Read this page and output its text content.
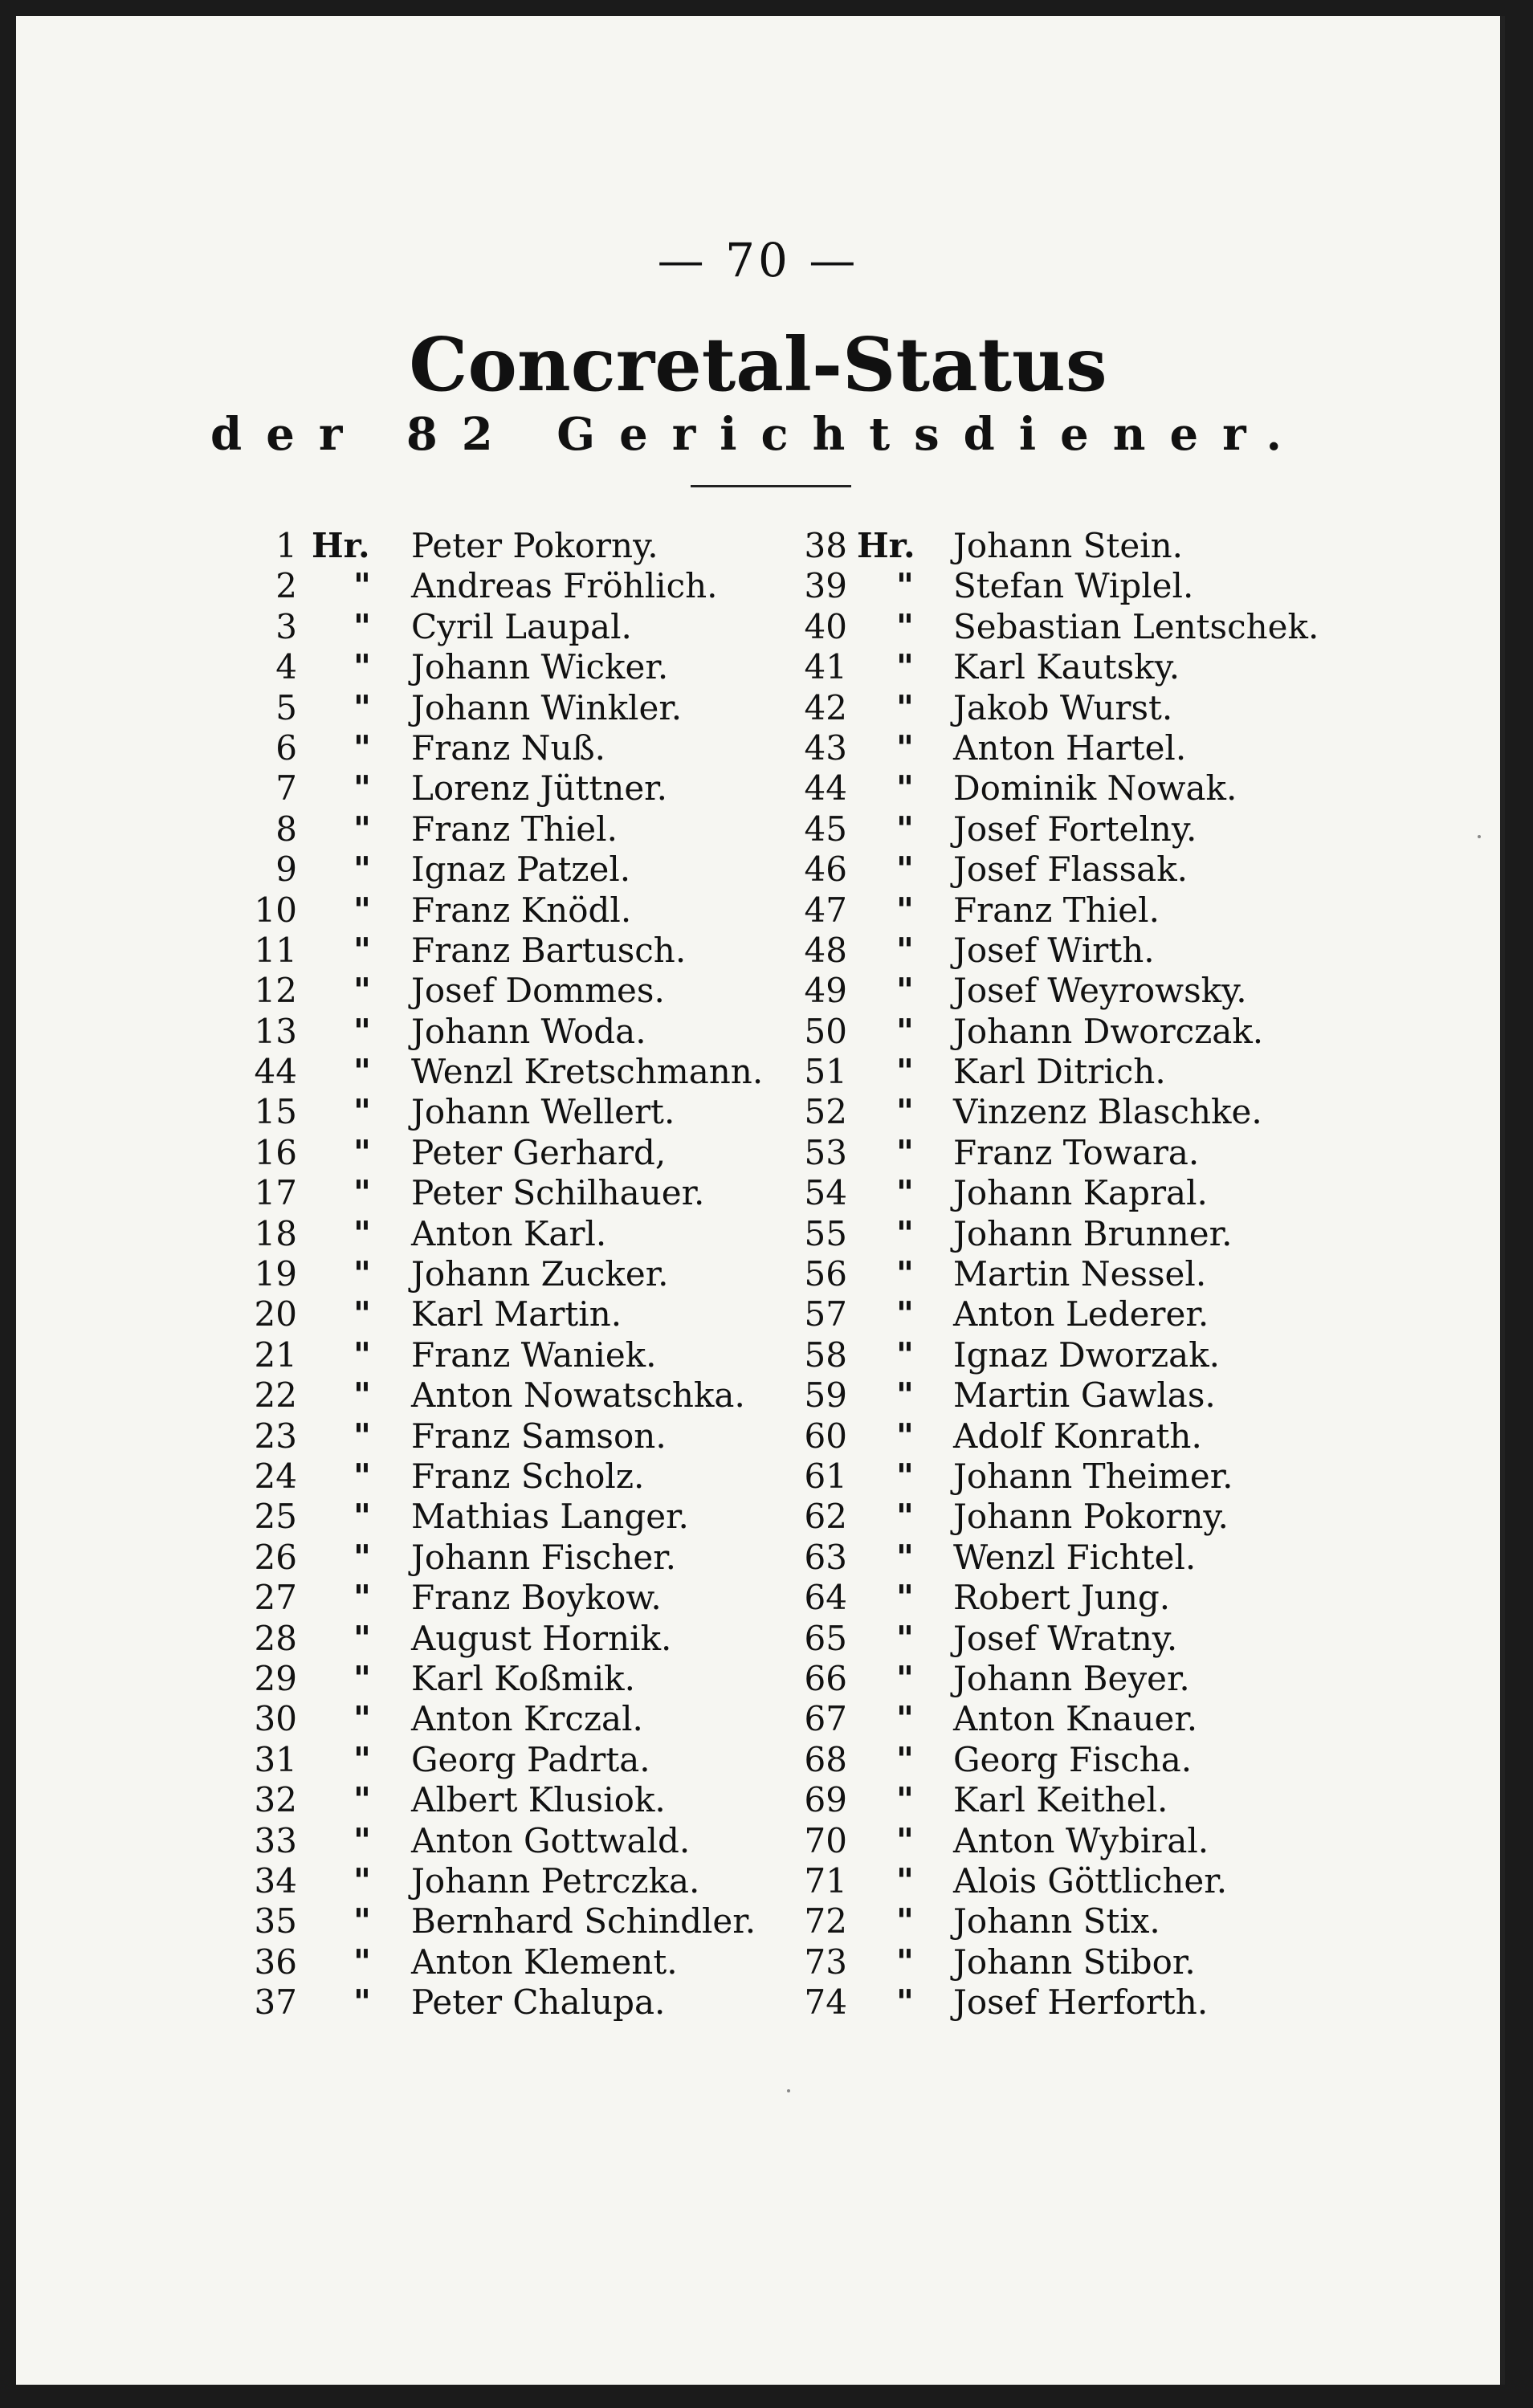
— 70 —
Concretal-Status
der 82 Gerichtsdiener.
1 Hr. Peter Pokorny.
2 " Andreas Fröhlich.
3 " Cyril Laupal.
4 " Johann Wicker.
5 " Johann Winkler.
6 " Franz Nuß.
7 " Lorenz Jüttner.
8 " Franz Thiel.
9 " Ignaz Patzel.
10 " Franz Knödl.
11 " Franz Bartusch.
12 " Josef Dommes.
13 " Johann Woda.
44 " Wenzl Kretschmann.
15 " Johann Wellert.
16 " Peter Gerhard,
17 " Peter Schilhauer.
18 " Anton Karl.
19 " Johann Zucker.
20 " Karl Martin.
21 " Franz Waniek.
22 " Anton Nowatschka.
23 " Franz Samson.
24 " Franz Scholz.
25 " Mathias Langer.
26 " Johann Fischer.
27 " Franz Boykow.
28 " August Hornik.
29 " Karl Koßmik.
30 " Anton Krczal.
31 " Georg Padrta.
32 " Albert Klusiok.
33 " Anton Gottwald.
34 " Johann Petrczka.
35 " Bernhard Schindler.
36 " Anton Klement.
37 " Peter Chalupa.
38 Hr. Johann Stein.
39 " Stefan Wiplel.
40 " Sebastian Lentschek.
41 " Karl Kautsky.
42 " Jakob Wurst.
43 " Anton Hartel.
44 " Dominik Nowak.
45 " Josef Fortelny.
46 " Josef Flassak.
47 " Franz Thiel.
48 " Josef Wirth.
49 " Josef Weyrowsky.
50 " Johann Dworczak.
51 " Karl Ditrich.
52 " Vinzenz Blaschke.
53 " Franz Towara.
54 " Johann Kapral.
55 " Johann Brunner.
56 " Martin Nessel.
57 " Anton Lederer.
58 " Ignaz Dworzak.
59 " Martin Gawlas.
60 " Adolf Konrath.
61 " Johann Theimer.
62 " Johann Pokorny.
63 " Wenzl Fichtel.
64 " Robert Jung.
65 " Josef Wratny.
66 " Johann Beyer.
67 " Anton Knauer.
68 " Georg Fischa.
69 " Karl Keithel.
70 " Anton Wybiral.
71 " Alois Göttlicher.
72 " Johann Stix.
73 " Johann Stibor.
74 " Josef Herforth.
